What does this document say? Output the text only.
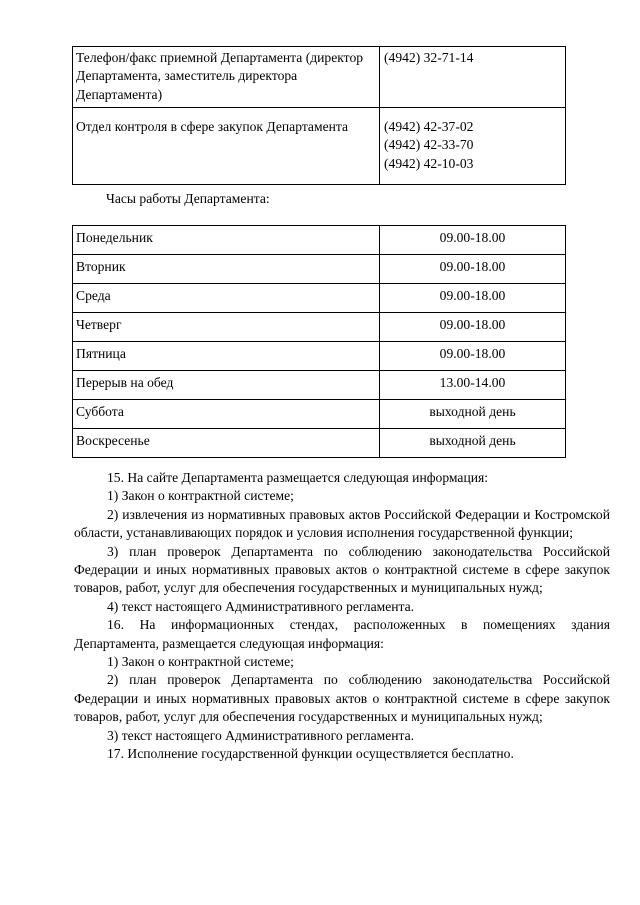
Телефон/факс приемной Департамента (директор Департамента, заместитель директора Департамента)	(4942) 32-71-14

Отдел контроля в сфере закупок Департамента	(4942) 42-37-02
(4942) 42-33-70
(4942) 42-10-03
Часы работы Департамента:
Понедельник	09.00-18.00
Вторник	09.00-18.00
Среда	09.00-18.00
Четверг	09.00-18.00
Пятница	09.00-18.00
Перерыв на обед	13.00-14.00
Суббота	выходной день
Воскресенье	выходной день

15. На сайте Департамента размещается следующая информация:

1) Закон о контрактной системе;

2) извлечения из нормативных правовых актов Российской Федерации и Костромской области, устанавливающих порядок и условия исполнения государственной функции;

3) план проверок Департамента по соблюдению законодательства Российской Федерации и иных нормативных правовых актов о контрактной системе в сфере закупок товаров, работ, услуг для обеспечения государственных и муниципальных нужд;

4) текст настоящего Административного регламента.

16. На информационных стендах, расположенных в помещениях здания Департамента, размещается следующая информация:

1) Закон о контрактной системе;

2) план проверок Департамента по соблюдению законодательства Российской Федерации и иных нормативных правовых актов о контрактной системе в сфере закупок товаров, работ, услуг для обеспечения государственных и муниципальных нужд;

3) текст настоящего Административного регламента.

17. Исполнение государственной функции осуществляется бесплатно.
